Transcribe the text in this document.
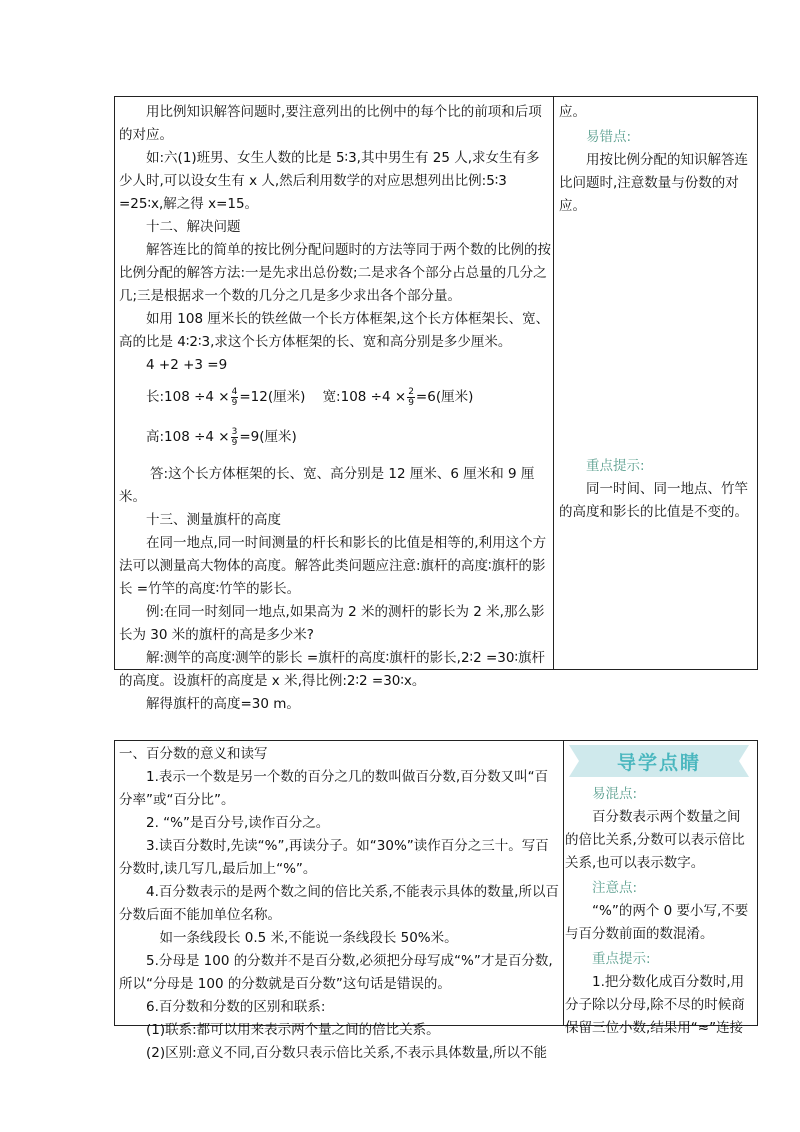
用比例知识解答问题时,要注意列出的比例中的每个比的前项和后项的对应。

如:六(1)班男、女生人数的比是 5∶3,其中男生有 25 人,求女生有多少人时,可以设女生有 x 人,然后利用数学的对应思想列出比例:5∶3 =25∶x,解之得 x=15。

十二、解决问题

解答连比的简单的按比例分配问题时的方法等同于两个数的比例的按比例分配的解答方法:一是先求出总份数;二是求各个部分占总量的几分之几;三是根据求一个数的几分之几是多少求出各个部分量。

如用 108 厘米长的铁丝做一个长方体框架,这个长方体框架长、宽、高的比是 4∶2∶3,求这个长方体框架的长、宽和高分别是多少厘米。

4 +2 +3 =9

长:108 $\div 4 \times \frac{4}{9} =12$(厘米) 宽:108 $\div 4 \times \frac{2}{9} =6$(厘米)

高:108 $\div 4 \times \frac{3}{9} =9$(厘米)

答:这个长方体框架的长、宽、高分别是 12 厘米、6 厘米和 9 厘米。

十三、测量旗杆的高度

在同一地点,同一时间测量的杆长和影长的比值是相等的,利用这个方法可以测量高大物体的高度。解答此类问题应注意:旗杆的高度∶旗杆的影长 =竹竿的高度∶竹竿的影长。

例:在同一时刻同一地点,如果高为 2 米的测杆的影长为 2 米,那么影长为 30 米的旗杆的高是多少米?

解:测竿的高度∶测竿的影长 =旗杆的高度∶旗杆的影长,2∶2 =30∶旗杆的高度。设旗杆的高度是 x 米,得比例:2∶2 =30∶x。

解得旗杆的高度=30 m。

应。

易错点:

用按比例分配的知识解答连比问题时,注意数量与份数的对应。

重点提示:

同一时间、同一地点、竹竿的高度和影长的比值是不变的。

一、百分数的意义和读写

1.表示一个数是另一个数的百分之几的数叫做百分数,百分数又叫“百分率”或“百分比”。

2. “%”是百分号,读作百分之。

3.读百分数时,先读“%”,再读分子。如“30%”读作百分之三十。写百分数时,读几写几,最后加上“%”。

4.百分数表示的是两个数之间的倍比关系,不能表示具体的数量,所以百分数后面不能加单位名称。

如一条线段长 0.5 米,不能说一条线段长 50%米。

5.分母是 100 的分数并不是百分数,必须把分母写成“%”才是百分数,所以“分母是 100 的分数就是百分数”这句话是错误的。

6.百分数和分数的区别和联系:

(1)联系:都可以用来表示两个量之间的倍比关系。

(2)区别:意义不同,百分数只表示倍比关系,不表示具体数量,所以不能

导学点睛

易混点:

百分数表示两个数量之间的倍比关系,分数可以表示倍比关系,也可以表示数字。

注意点:

“%”的两个 0 要小写,不要与百分数前面的数混淆。

重点提示:

1.把分数化成百分数时,用分子除以分母,除不尽的时候商保留三位小数,结果用“≈”连接
